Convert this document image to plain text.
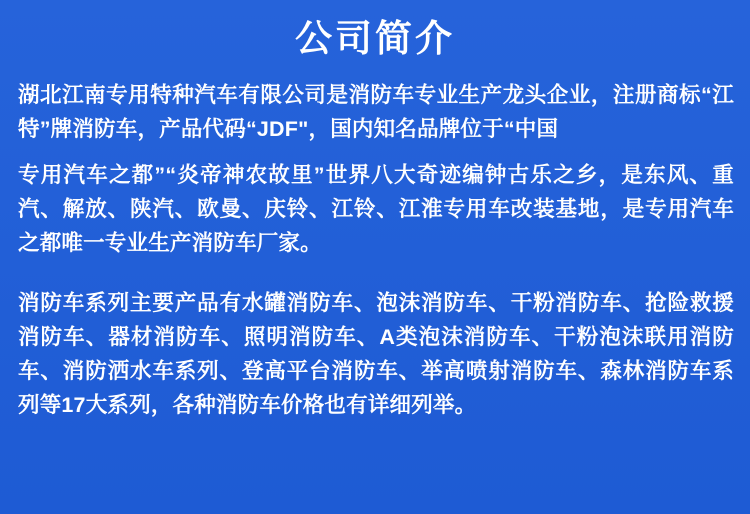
公司简介

湖北江南专用特种汽车有限公司是消防车专业生产龙头企业，注册商标“江特”牌消防车，产品代码“JDF"，国内知名品牌位于“中国

专用汽车之都”“炎帝神农故里”世界八大奇迹编钟古乐之乡，是东风、重汽、解放、陕汽、欧曼、庆铃、江铃、江淮专用车改装基地，是专用汽车之都唯一专业生产消防车厂家。

消防车系列主要产品有水罐消防车、泡沫消防车、干粉消防车、抢险救援消防车、器材消防车、照明消防车、A类泡沫消防车、干粉泡沫联用消防车、消防洒水车系列、登高平台消防车、举高喷射消防车、森林消防车系列等17大系列，各种消防车价格也有详细列举。
